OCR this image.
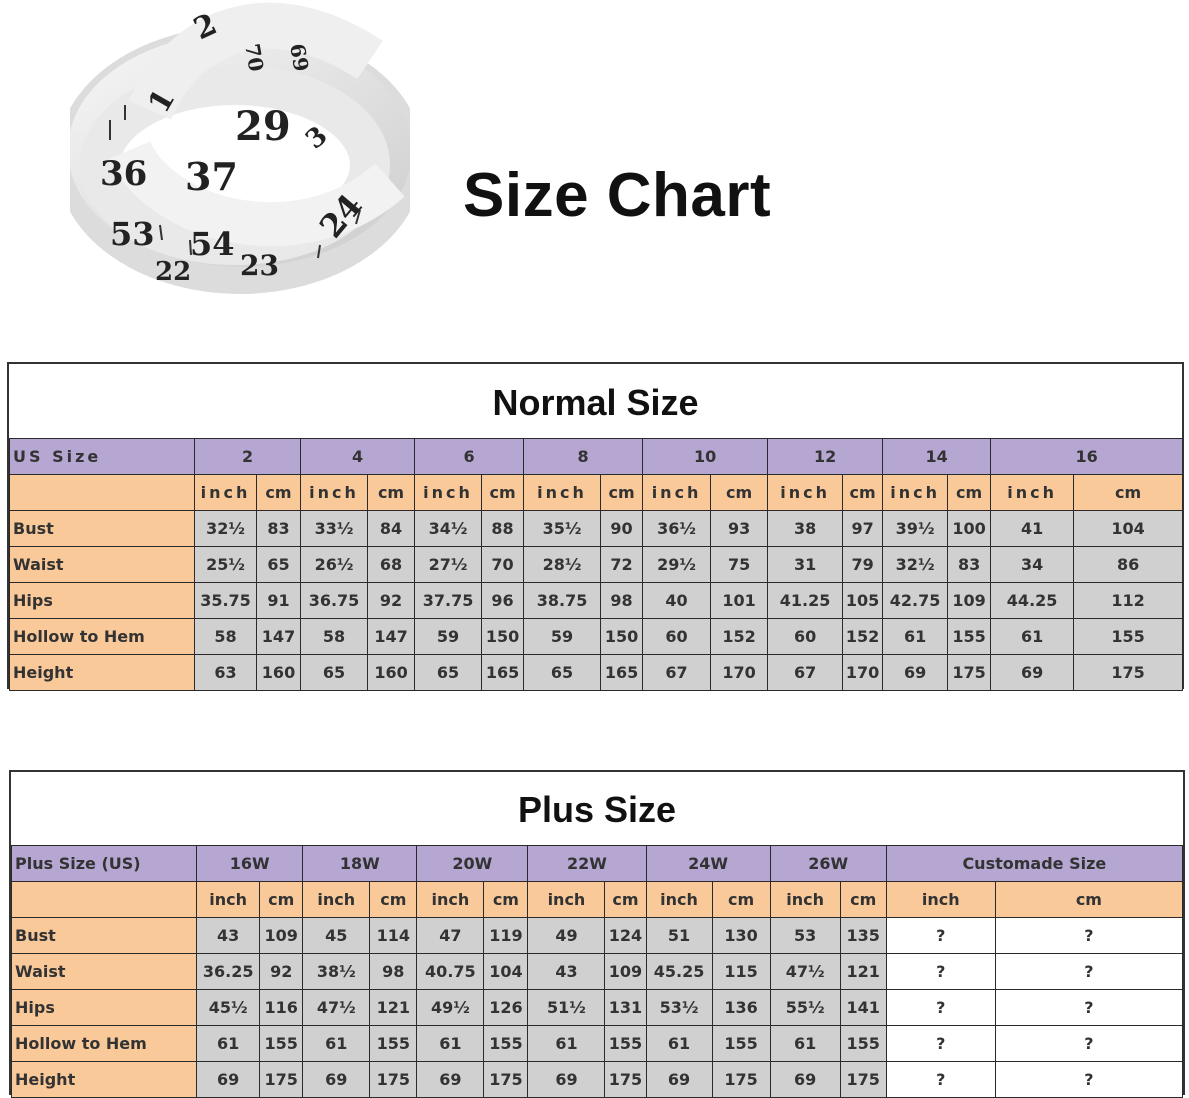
2
29
37
36
53 54
23
24
3
69
70
1
22
Size Chart
Normal Size
US Size	2		4		6		8		10		12		14		16	
	inch	cm	inch	cm	inch	cm	inch	cm	inch	cm	inch	cm	inch	cm	inch	cm
Bust	32½	83	33½	84	34½	88	35½	90	36½	93	38	97	39½	100	41	104
Waist	25½	65	26½	68	27½	70	28½	72	29½	75	31	79	32½	83	34	86
Hips	35.75	91	36.75	92	37.75	96	38.75	98	40	101	41.25	105	42.75	109	44.25	112
Hollow to Hem	58	147	58	147	59	150	59	150	60	152	60	152	61	155	61	155
Height	63	160	65	160	65	165	65	165	67	170	67	170	69	175	69	175
Plus Size
Plus Size (US)	16W		18W		20W		22W		24W		26W		Customade Size	
	inch	cm	inch	cm	inch	cm	inch	cm	inch	cm	inch	cm	inch	cm
Bust	43	109	45	114	47	119	49	124	51	130	53	135	?	?
Waist	36.25	92	38½	98	40.75	104	43	109	45.25	115	47½	121	?	?
Hips	45½	116	47½	121	49½	126	51½	131	53½	136	55½	141	?	?
Hollow to Hem	61	155	61	155	61	155	61	155	61	155	61	155	?	?
Height	69	175	69	175	69	175	69	175	69	175	69	175	?	?
